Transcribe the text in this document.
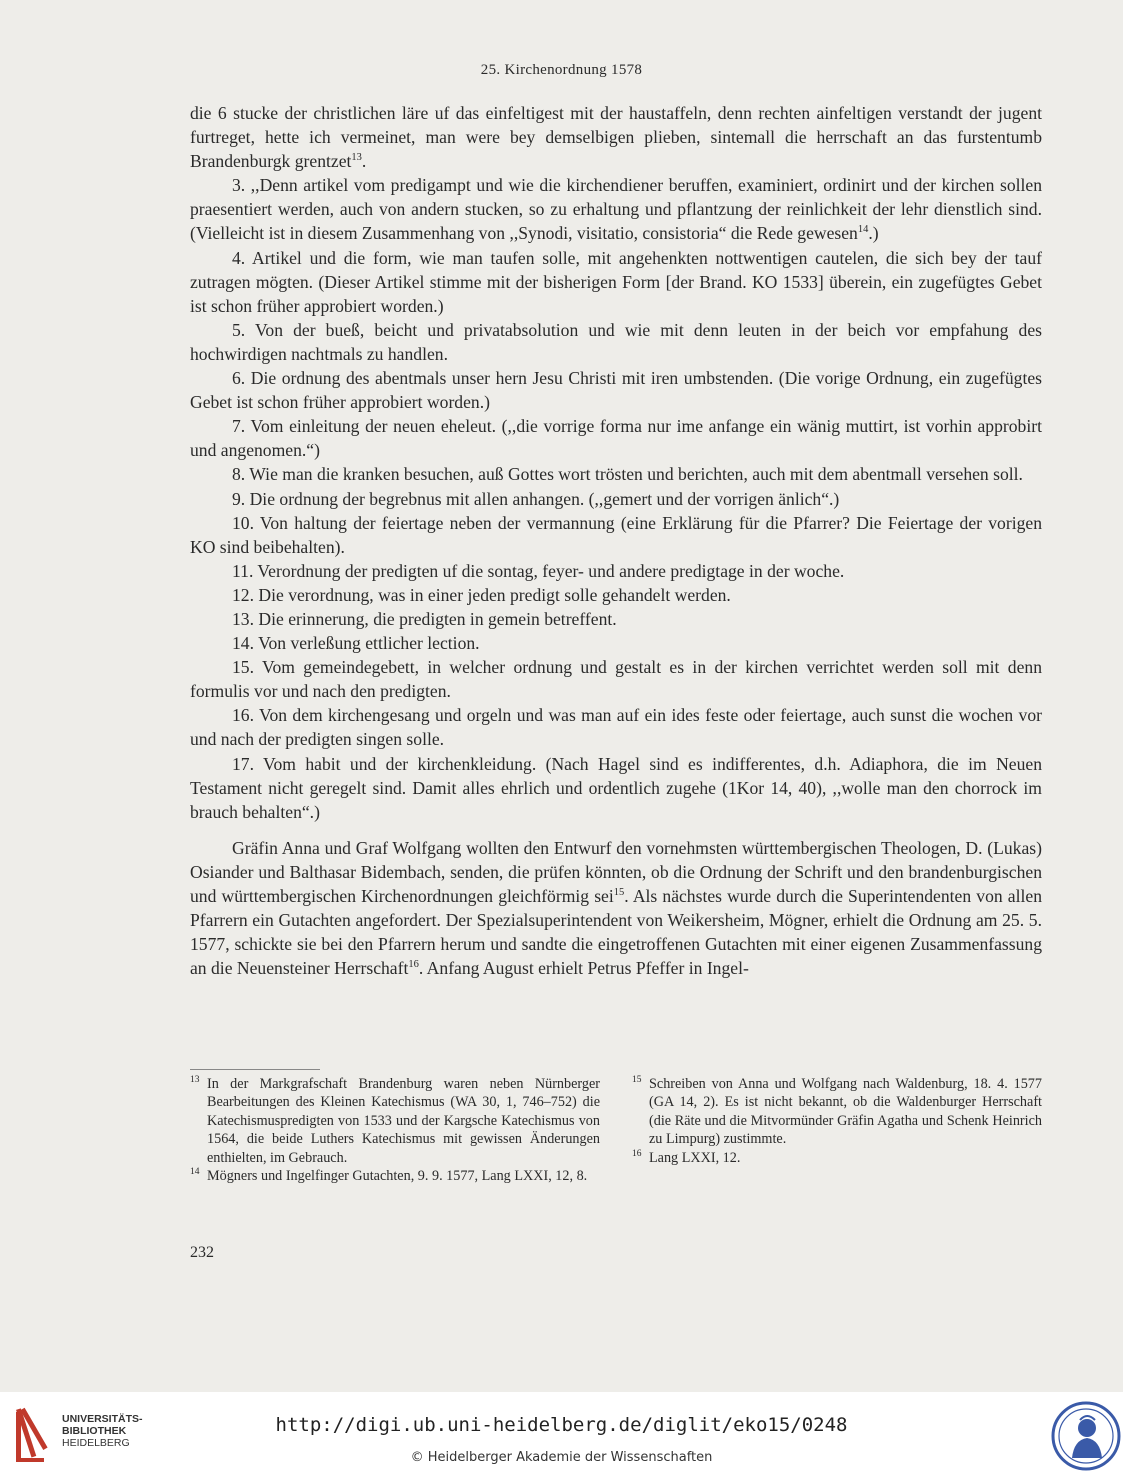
25. Kirchenordnung 1578

die 6 stucke der christlichen läre uf das einfeltigest mit der haustaffeln, denn rechten ainfeltigen verstandt der jugent furtreget, hette ich vermeinet, man were bey demselbigen plieben, sintemall die herrschaft an das furstentumb Brandenburgk grentzet$^{13}$.

3. ,,Denn artikel vom predigampt und wie die kirchendiener beruffen, examiniert, ordinirt und der kirchen sollen praesentiert werden, auch von andern stucken, so zu erhaltung und pflantzung der reinlichkeit der lehr dienstlich sind. (Vielleicht ist in diesem Zusammenhang von ,,Synodi, visitatio, consistoria“ die Rede gewesen$^{14}$.)

4. Artikel und die form, wie man taufen solle, mit angehenkten nottwentigen cautelen, die sich bey der tauf zutragen mögten. (Dieser Artikel stimme mit der bisherigen Form [der Brand. KO 1533] überein, ein zugefügtes Gebet ist schon früher approbiert worden.)

5. Von der bueß, beicht und privatabsolution und wie mit denn leuten in der beich vor empfahung des hochwirdigen nachtmals zu handlen.

6. Die ordnung des abentmals unser hern Jesu Christi mit iren umbstenden. (Die vorige Ordnung, ein zugefügtes Gebet ist schon früher approbiert worden.)

7. Vom einleitung der neuen eheleut. (,,die vorrige forma nur ime anfange ein wänig muttirt, ist vorhin approbirt und angenomen.“)

8. Wie man die kranken besuchen, auß Gottes wort trösten und berichten, auch mit dem abentmall versehen soll.

9. Die ordnung der begrebnus mit allen anhangen. (,,gemert und der vorrigen änlich“.)

10. Von haltung der feiertage neben der vermannung (eine Erklärung für die Pfarrer? Die Feiertage der vorigen KO sind beibehalten).

11. Verordnung der predigten uf die sontag, feyer- und andere predigtage in der woche.

12. Die verordnung, was in einer jeden predigt solle gehandelt werden.

13. Die erinnerung, die predigten in gemein betreffent.

14. Von verleßung ettlicher lection.

15. Vom gemeindegebett, in welcher ordnung und gestalt es in der kirchen verrichtet werden soll mit denn formulis vor und nach den predigten.

16. Von dem kirchengesang und orgeln und was man auf ein ides feste oder feiertage, auch sunst die wochen vor und nach der predigten singen solle.

17. Vom habit und der kirchenkleidung. (Nach Hagel sind es indifferentes, d.h. Adiaphora, die im Neuen Testament nicht geregelt sind. Damit alles ehrlich und ordentlich zugehe (1Kor 14, 40), ,,wolle man den chorrock im brauch behalten“.)

Gräfin Anna und Graf Wolfgang wollten den Entwurf den vornehmsten württembergischen Theologen, D. (Lukas) Osiander und Balthasar Bidembach, senden, die prüfen könnten, ob die Ordnung der Schrift und den brandenburgischen und württembergischen Kirchenordnungen gleichförmig sei$^{15}$. Als nächstes wurde durch die Superintendenten von allen Pfarrern ein Gutachten angefordert. Der Spezialsuperintendent von Weikersheim, Mögner, erhielt die Ordnung am 25. 5. 1577, schickte sie bei den Pfarrern herum und sandte die eingetroffenen Gutachten mit einer eigenen Zusammenfassung an die Neuensteiner Herrschaft$^{16}$. Anfang August erhielt Petrus Pfeffer in Ingel-

13 In der Markgrafschaft Brandenburg waren neben Nürnberger Bearbeitungen des Kleinen Katechismus (WA 30, 1, 746–752) die Katechismuspredigten von 1533 und der Kargsche Katechismus von 1564, die beide Luthers Katechismus mit gewissen Änderungen enthielten, im Gebrauch.

14 Mögners und Ingelfinger Gutachten, 9. 9. 1577, Lang LXXI, 12, 8.

15 Schreiben von Anna und Wolfgang nach Waldenburg, 18. 4. 1577 (GA 14, 2). Es ist nicht bekannt, ob die Waldenburger Herrschaft (die Räte und die Mitvormünder Gräfin Agatha und Schenk Heinrich zu Limpurg) zustimmte.

16 Lang LXXI, 12.

232
UNIVERSITÄTS-
BIBLIOTHEK
HEIDELBERG
http://digi.ub.uni-heidelberg.de/diglit/eko15/0248
© Heidelberger Akademie der Wissenschaften
